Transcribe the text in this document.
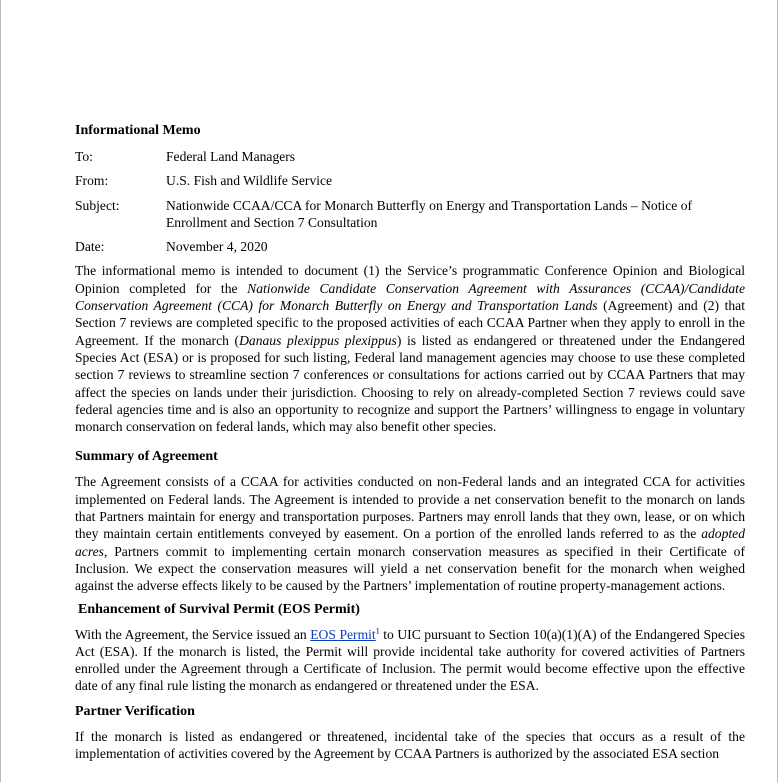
Informational Memo
To:	Federal Land Managers
From:	U.S. Fish and Wildlife Service
Subject:	Nationwide CCAA/CCA for Monarch Butterfly on Energy and Transportation Lands – Notice of Enrollment and Section 7 Consultation
Date:	November 4, 2020

The informational memo is intended to document (1) the Service’s programmatic Conference Opinion and Biological Opinion completed for the Nationwide Candidate Conservation Agreement with Assurances (CCAA)/Candidate Conservation Agreement (CCA) for Monarch Butterfly on Energy and Transportation Lands (Agreement) and (2) that Section 7 reviews are completed specific to the proposed activities of each CCAA Partner when they apply to enroll in the Agreement. If the monarch (Danaus plexippus plexippus) is listed as endangered or threatened under the Endangered Species Act (ESA) or is proposed for such listing, Federal land management agencies may choose to use these completed section 7 reviews to streamline section 7 conferences or consultations for actions carried out by CCAA Partners that may affect the species on lands under their jurisdiction. Choosing to rely on already-completed Section 7 reviews could save federal agencies time and is also an opportunity to recognize and support the Partners’ willingness to engage in voluntary monarch conservation on federal lands, which may also benefit other species.

Summary of Agreement

The Agreement consists of a CCAA for activities conducted on non-Federal lands and an integrated CCA for activities implemented on Federal lands. The Agreement is intended to provide a net conservation benefit to the monarch on lands that Partners maintain for energy and transportation purposes. Partners may enroll lands that they own, lease, or on which they maintain certain entitlements conveyed by easement. On a portion of the enrolled lands referred to as the adopted acres, Partners commit to implementing certain monarch conservation measures as specified in their Certificate of Inclusion. We expect the conservation measures will yield a net conservation benefit for the monarch when weighed against the adverse effects likely to be caused by the Partners’ implementation of routine property-management actions.

Enhancement of Survival Permit (EOS Permit)

With the Agreement, the Service issued an EOS Permit$^1$ to UIC pursuant to Section 10(a)(1)(A) of the Endangered Species Act (ESA). If the monarch is listed, the Permit will provide incidental take authority for covered activities of Partners enrolled under the Agreement through a Certificate of Inclusion. The permit would become effective upon the effective date of any final rule listing the monarch as endangered or threatened under the ESA.

Partner Verification

If the monarch is listed as endangered or threatened, incidental take of the species that occurs as a result of the implementation of activities covered by the Agreement by CCAA Partners is authorized by the associated ESA section
